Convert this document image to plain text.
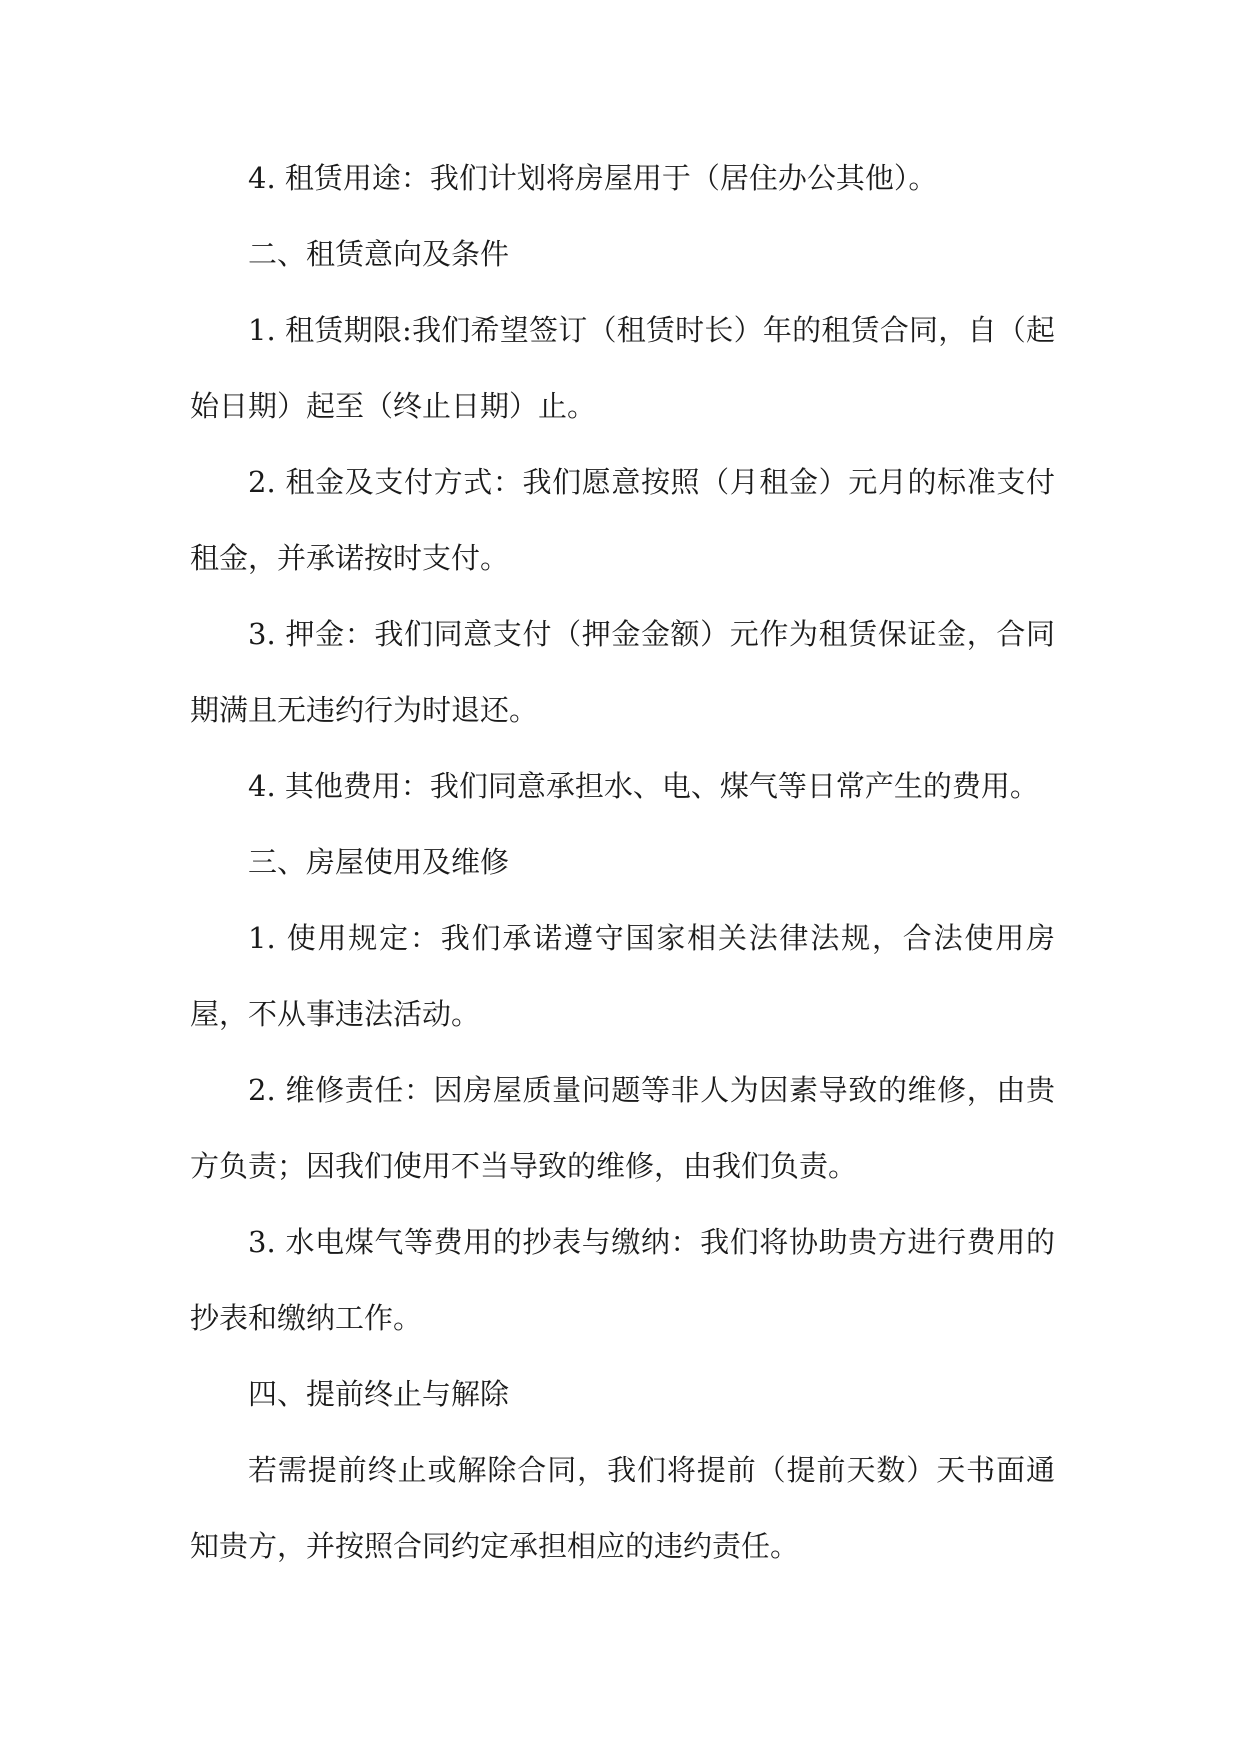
4. 租赁用途：我们计划将房屋用于（居住办公其他）。

二、租赁意向及条件

1. 租赁期限:我们希望签订（租赁时长）年的租赁合同，自（起始日期）起至（终止日期）止。

2. 租金及支付方式：我们愿意按照（月租金）元月的标准支付租金，并承诺按时支付。

3. 押金：我们同意支付（押金金额）元作为租赁保证金，合同期满且无违约行为时退还。

4. 其他费用：我们同意承担水、电、煤气等日常产生的费用。

三、房屋使用及维修

1. 使用规定：我们承诺遵守国家相关法律法规，合法使用房屋，不从事违法活动。

2. 维修责任：因房屋质量问题等非人为因素导致的维修，由贵方负责；因我们使用不当导致的维修，由我们负责。

3. 水电煤气等费用的抄表与缴纳：我们将协助贵方进行费用的抄表和缴纳工作。

四、提前终止与解除

若需提前终止或解除合同，我们将提前（提前天数）天书面通知贵方，并按照合同约定承担相应的违约责任。
